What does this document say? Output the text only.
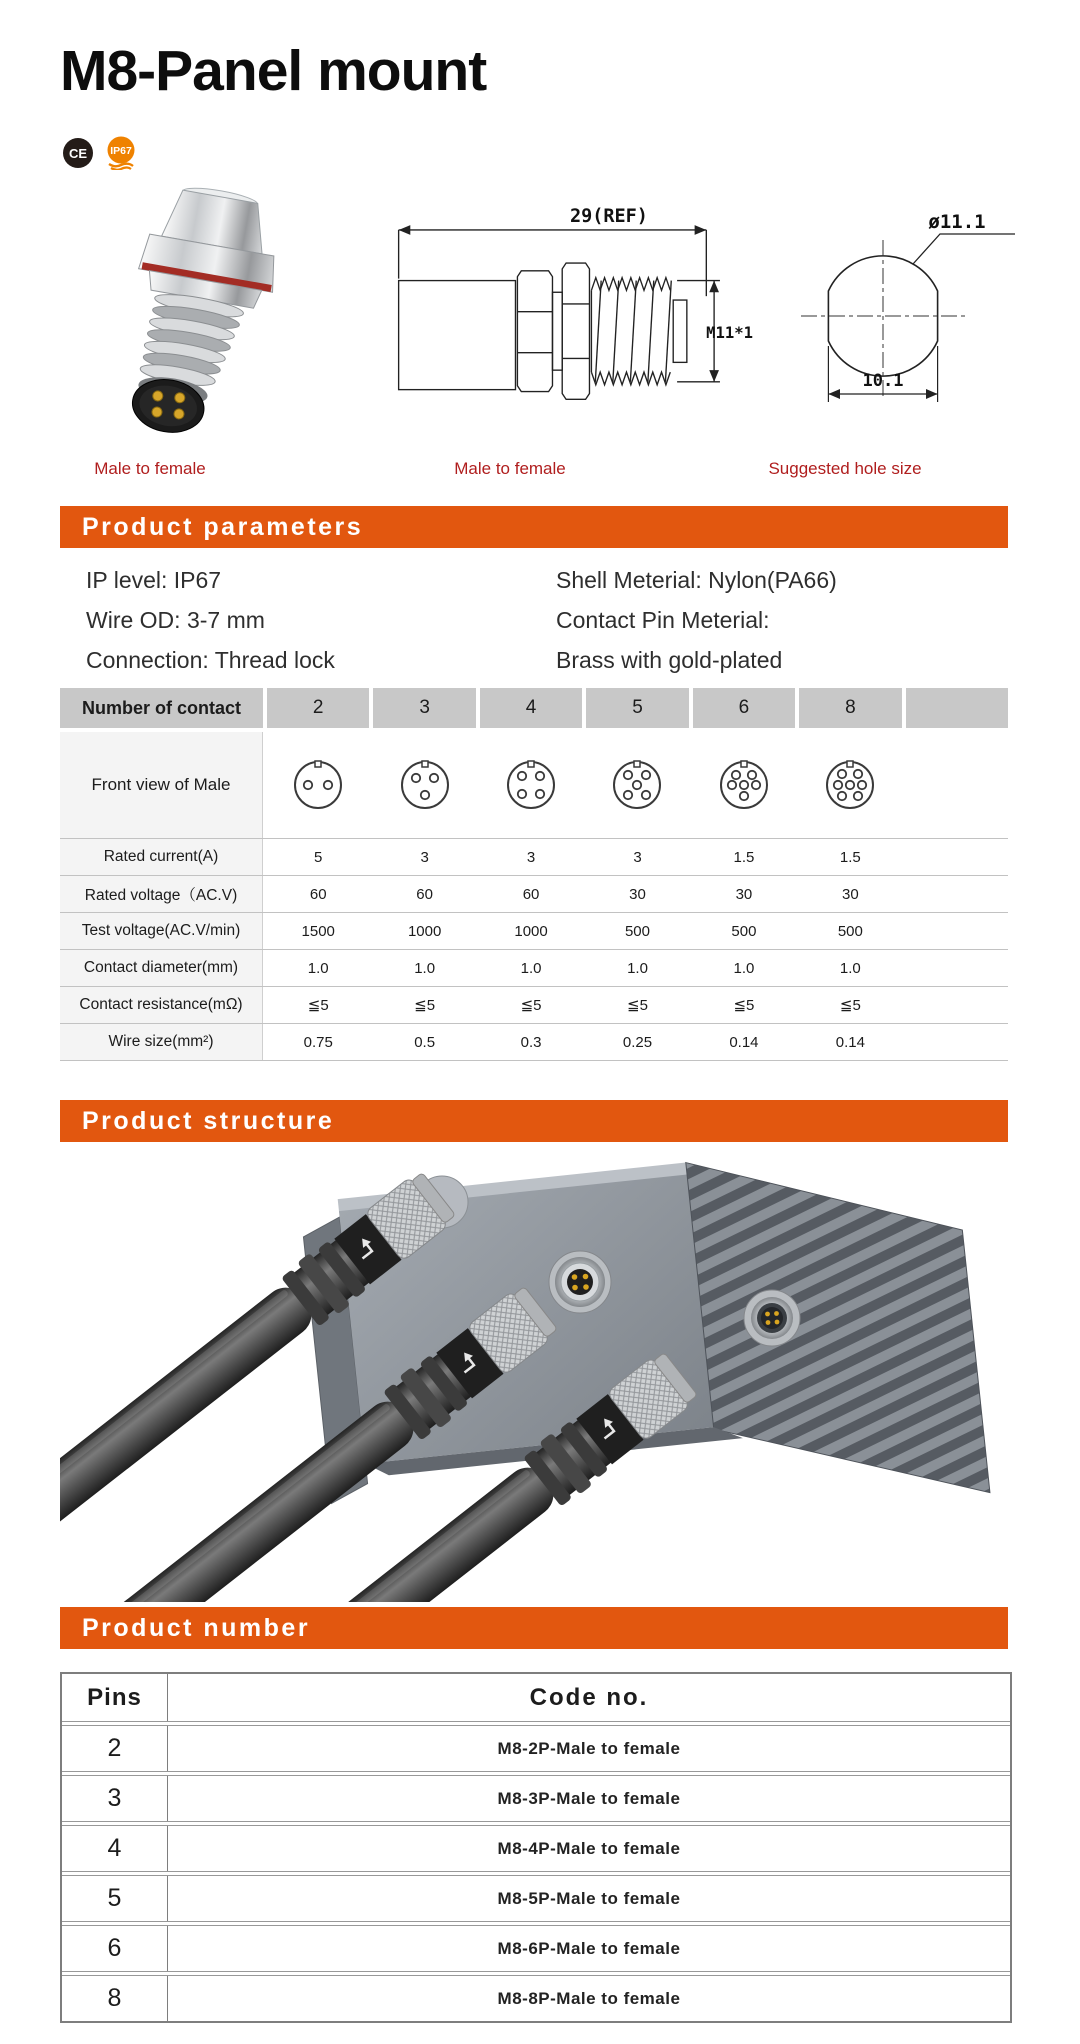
M8-Panel mount
CE IP67
29(REF)
M11*1
ø11.1
10.1
Male to female	Male to female	Suggested hole size
Product parameters
IP level: IP67
Wire OD: 3-7 mm
Connection: Thread lock
Shell Meterial: Nylon(PA66)
Contact Pin Meterial:
Brass with gold-plated
Number of contact	2	3	4	5	6	8
Front view of Male
Rated current(A)	5	3	3	3	1.5	1.5
Rated voltage（AC.V)	60	60	60	30	30	30
Test voltage(AC.V/min)	1500	1000	1000	500	500	500
Contact diameter(mm)	1.0	1.0	1.0	1.0	1.0	1.0
Contact resistance(mΩ)	≦5	≦5	≦5	≦5	≦5	≦5
Wire size(mm²)	0.75	0.5	0.3	0.25	0.14	0.14
Product structure
Product number
Pins	Code no.
2	M8-2P-Male to female
3	M8-3P-Male to female
4	M8-4P-Male to female
5	M8-5P-Male to female
6	M8-6P-Male to female
8	M8-8P-Male to female
